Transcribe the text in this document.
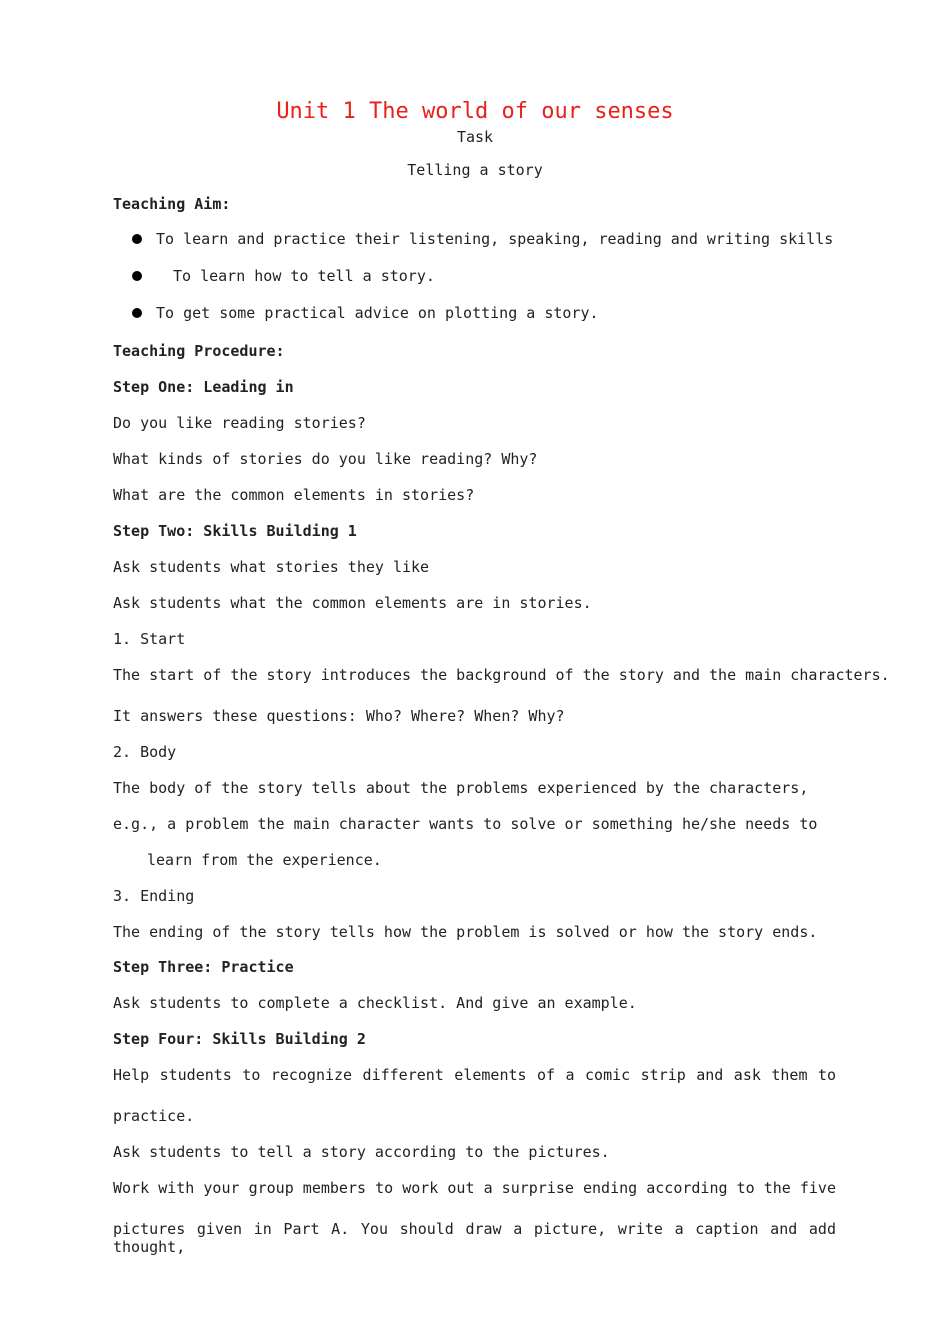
Unit 1 The world of our senses
Task
Telling a story
Teaching Aim:
To learn and practice their listening, speaking, reading and writing skills
To learn how to tell a story.
To get some practical advice on plotting a story.
Teaching Procedure:
Step One: Leading in
Do you like reading stories?
What kinds of stories do you like reading? Why?
What are the common elements in stories?
Step Two: Skills Building 1
Ask students what stories they like
Ask students what the common elements are in stories.
1. Start
The start of the story introduces the background of the story and the main characters.
It answers these questions: Who? Where? When? Why?
2. Body
The body of the story tells about the problems experienced by the characters,
e.g., a problem the main character wants to solve or something he/she needs to
learn from the experience.
3. Ending
The ending of the story tells how the problem is solved or how the story ends.
Step Three: Practice
Ask students to complete a checklist. And give an example.
Step Four: Skills Building 2
Help students to recognize different elements of a comic strip and ask them to
practice.
Ask students to tell a story according to the pictures.
Work with your group members to work out a surprise ending according to the five
pictures given in Part A. You should draw a picture, write a caption and add thought,
